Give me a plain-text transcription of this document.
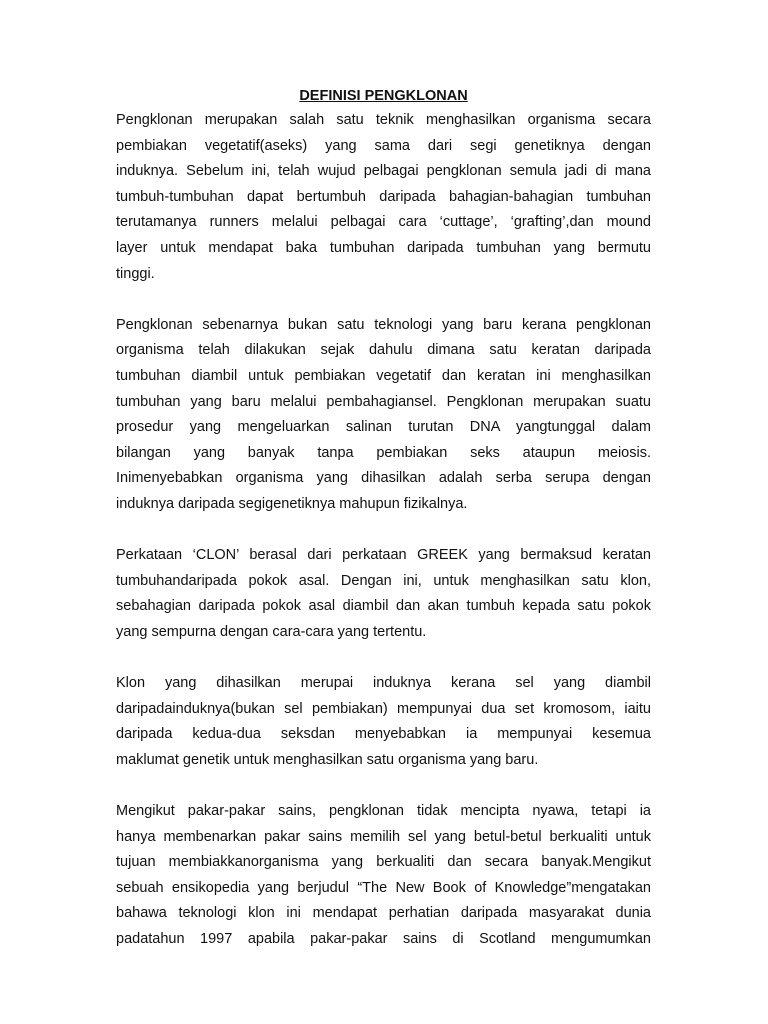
DEFINISI PENGKLONAN

Pengklonan merupakan salah satu teknik menghasilkan organisma secara
pembiakan vegetatif(aseks) yang sama dari segi genetiknya dengan
induknya. Sebelum ini, telah wujud pelbagai pengklonan semula jadi di mana
tumbuh-tumbuhan dapat bertumbuh daripada bahagian-bahagian tumbuhan
terutamanya runners melalui pelbagai cara ‘cuttage’, ‘grafting’,dan mound
layer untuk mendapat baka tumbuhan daripada tumbuhan yang bermutu
tinggi.

Pengklonan sebenarnya bukan satu teknologi yang baru kerana pengklonan
organisma telah dilakukan sejak dahulu dimana satu keratan daripada
tumbuhan diambil untuk pembiakan vegetatif dan keratan ini menghasilkan
tumbuhan yang baru melalui pembahagiansel. Pengklonan merupakan suatu
prosedur yang mengeluarkan salinan turutan DNA yangtunggal dalam
bilangan yang banyak tanpa pembiakan seks ataupun meiosis.
Inimenyebabkan organisma yang dihasilkan adalah serba serupa dengan
induknya daripada segigenetiknya mahupun fizikalnya.

Perkataan ‘CLON’ berasal dari perkataan GREEK yang bermaksud keratan
tumbuhandaripada pokok asal. Dengan ini, untuk menghasilkan satu klon,
sebahagian daripada pokok asal diambil dan akan tumbuh kepada satu pokok
yang sempurna dengan cara-cara yang tertentu.

Klon yang dihasilkan merupai induknya kerana sel yang diambil
daripadainduknya(bukan sel pembiakan) mempunyai dua set kromosom, iaitu
daripada kedua-dua seksdan menyebabkan ia mempunyai kesemua
maklumat genetik untuk menghasilkan satu organisma yang baru.

Mengikut pakar-pakar sains, pengklonan tidak mencipta nyawa, tetapi ia
hanya membenarkan pakar sains memilih sel yang betul-betul berkualiti untuk
tujuan membiakkanorganisma yang berkualiti dan secara banyak.Mengikut
sebuah ensikopedia yang berjudul “The New Book of Knowledge”mengatakan
bahawa teknologi klon ini mendapat perhatian daripada masyarakat dunia
padatahun 1997 apabila pakar-pakar sains di Scotland mengumumkan
